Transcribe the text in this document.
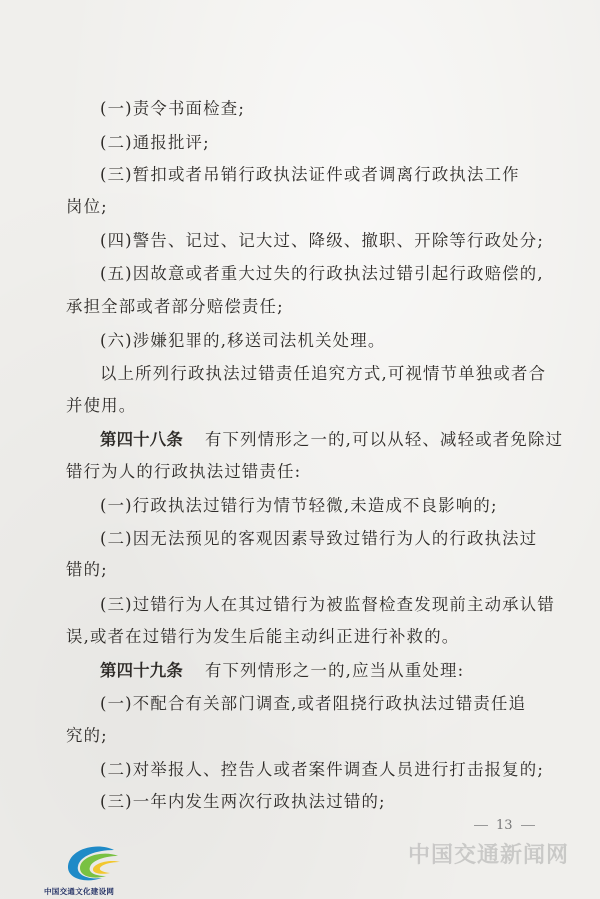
(一)责令书面检查;
(二)通报批评;
(三)暂扣或者吊销行政执法证件或者调离行政执法工作
岗位;
(四)警告、记过、记大过、降级、撤职、开除等行政处分;
(五)因故意或者重大过失的行政执法过错引起行政赔偿的,
承担全部或者部分赔偿责任;
(六)涉嫌犯罪的,移送司法机关处理。
以上所列行政执法过错责任追究方式,可视情节单独或者合
并使用。
第四十八条 有下列情形之一的,可以从轻、减轻或者免除过
错行为人的行政执法过错责任:
(一)行政执法过错行为情节轻微,未造成不良影响的;
(二)因无法预见的客观因素导致过错行为人的行政执法过
错的;
(三)过错行为人在其过错行为被监督检查发现前主动承认错
误,或者在过错行为发生后能主动纠正进行补救的。
第四十九条 有下列情形之一的,应当从重处理:
(一)不配合有关部门调查,或者阻挠行政执法过错责任追
究的;
(二)对举报人、控告人或者案件调查人员进行打击报复的;
(三)一年内发生两次行政执法过错的;
13
中国交通文化建设网
中国交通新闻网
